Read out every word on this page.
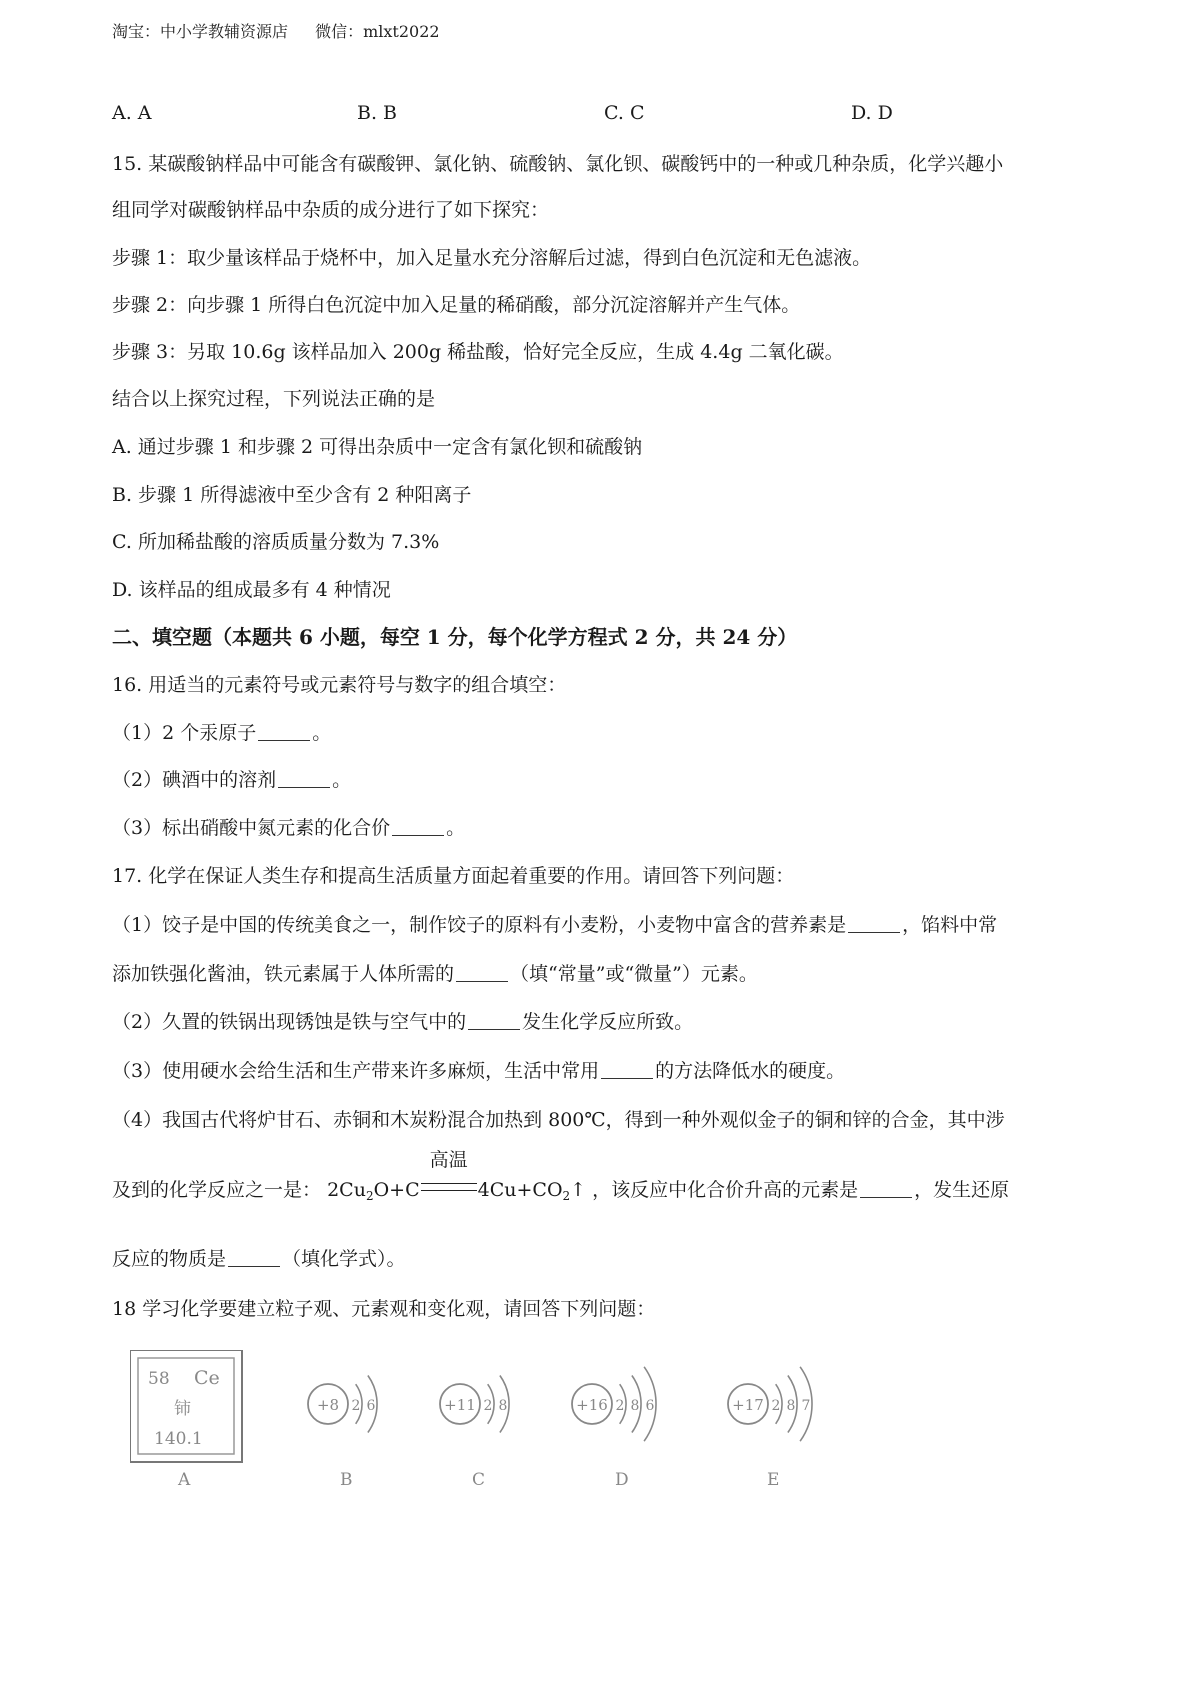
淘宝：中小学教辅资源店 微信：mlxt2022
A. A	B. B	C. C	D. D
15. 某碳酸钠样品中可能含有碳酸钾、氯化钠、硫酸钠、氯化钡、碳酸钙中的一种或几种杂质，化学兴趣小
组同学对碳酸钠样品中杂质的成分进行了如下探究：
步骤 1：取少量该样品于烧杯中，加入足量水充分溶解后过滤，得到白色沉淀和无色滤液。
步骤 2：向步骤 1 所得白色沉淀中加入足量的稀硝酸，部分沉淀溶解并产生气体。
步骤 3：另取 10.6g 该样品加入 200g 稀盐酸，恰好完全反应，生成 4.4g 二氧化碳。
结合以上探究过程，下列说法正确的是
A. 通过步骤 1 和步骤 2 可得出杂质中一定含有氯化钡和硫酸钠
B. 步骤 1 所得滤液中至少含有 2 种阳离子
C. 所加稀盐酸的溶质质量分数为 7.3%
D. 该样品的组成最多有 4 种情况
二、填空题（本题共 6 小题，每空 1 分，每个化学方程式 2 分，共 24 分）
16. 用适当的元素符号或元素符号与数字的组合填空：
（1）2 个汞原子	。
（2）碘酒中的溶剂	。
（3）标出硝酸中氮元素的化合价	。
17. 化学在保证人类生存和提高生活质量方面起着重要的作用。请回答下列问题：
（1）饺子是中国的传统美食之一，制作饺子的原料有小麦粉，小麦物中富含的营养素是	，馅料中常
添加铁强化酱油，铁元素属于人体所需的	（填“常量”或“微量”）元素。
（2）久置的铁锅出现锈蚀是铁与空气中的	发生化学反应所致。
（3）使用硬水会给生活和生产带来许多麻烦，生活中常用	的方法降低水的硬度。
（4）我国古代将炉甘石、赤铜和木炭粉混合加热到 800℃，得到一种外观似金子的铜和锌的合金，其中涉
及到的化学反应之一是： $2Cu_2O+C$
高温
$4Cu+CO_2↑$ ，该反应中化合价升高的元素是	，发生还原
反应的物质是	（填化学式）。
18 学习化学要建立粒子观、元素观和变化观，请回答下列问题：
58 Ce
铈
140.1
+8 2 6	+11 2 8	+16 2 8 6	+17 2 8 7
A	B	C	D	E
